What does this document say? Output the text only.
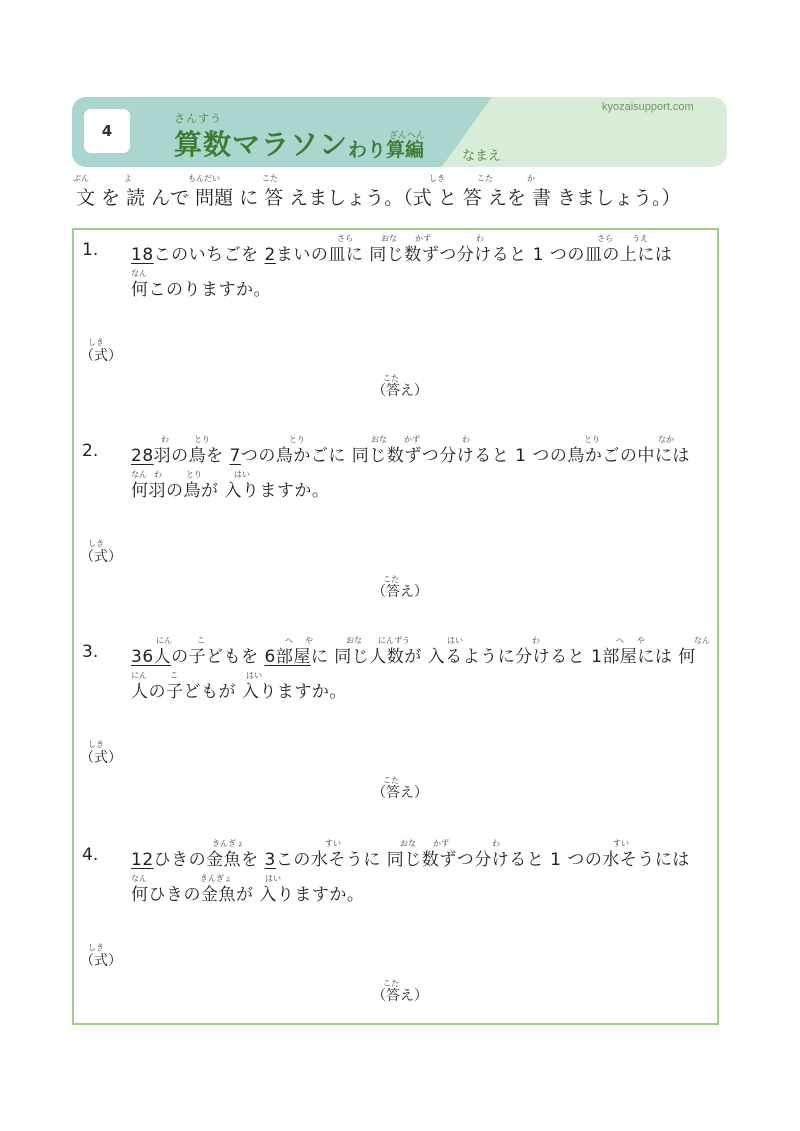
4
さんすう
算数マラソン	ざんへん
わり算編
kyozaisupport.com
なまえ
ぶん	よ	もんだい	こた	しき	こた	か
文 を 読 んで 問題 に 答 えましょう。（式 と 答 えを 書 きましょう。）
さら	おな かず	わ	さら うえ
1. 18このいちごを 2まいの皿に 同じ数ずつ分けると 1 つの皿の上には
なん
何このりますか。
しき
（式）
こた
（答え）
わ	とり	とり	おな かず	わ	とり	なか
2. 28羽の鳥を 7つの鳥かごに 同じ数ずつ分けると 1 つの鳥かごの中には
なん わ	とり	はい
何羽の鳥が 入りますか。
しき
（式）
こた
（答え）
にん	こ	へ や	おな にんずう	はい	わ	へ や	なん
3. 36人の子どもを 6部屋に 同じ人数が 入るように分けると 1部屋には 何
にん	こ	はい
人の子どもが 入りますか。
しき
（式）
こた
（答え）
きんぎょ	すい	おな かず	わ	すい
4. 12ひきの金魚を 3この水そうに 同じ数ずつ分けると 1 つの水そうには
なん	きんぎょ	はい
何ひきの金魚が 入りますか。
しき
（式）
こた
（答え）
